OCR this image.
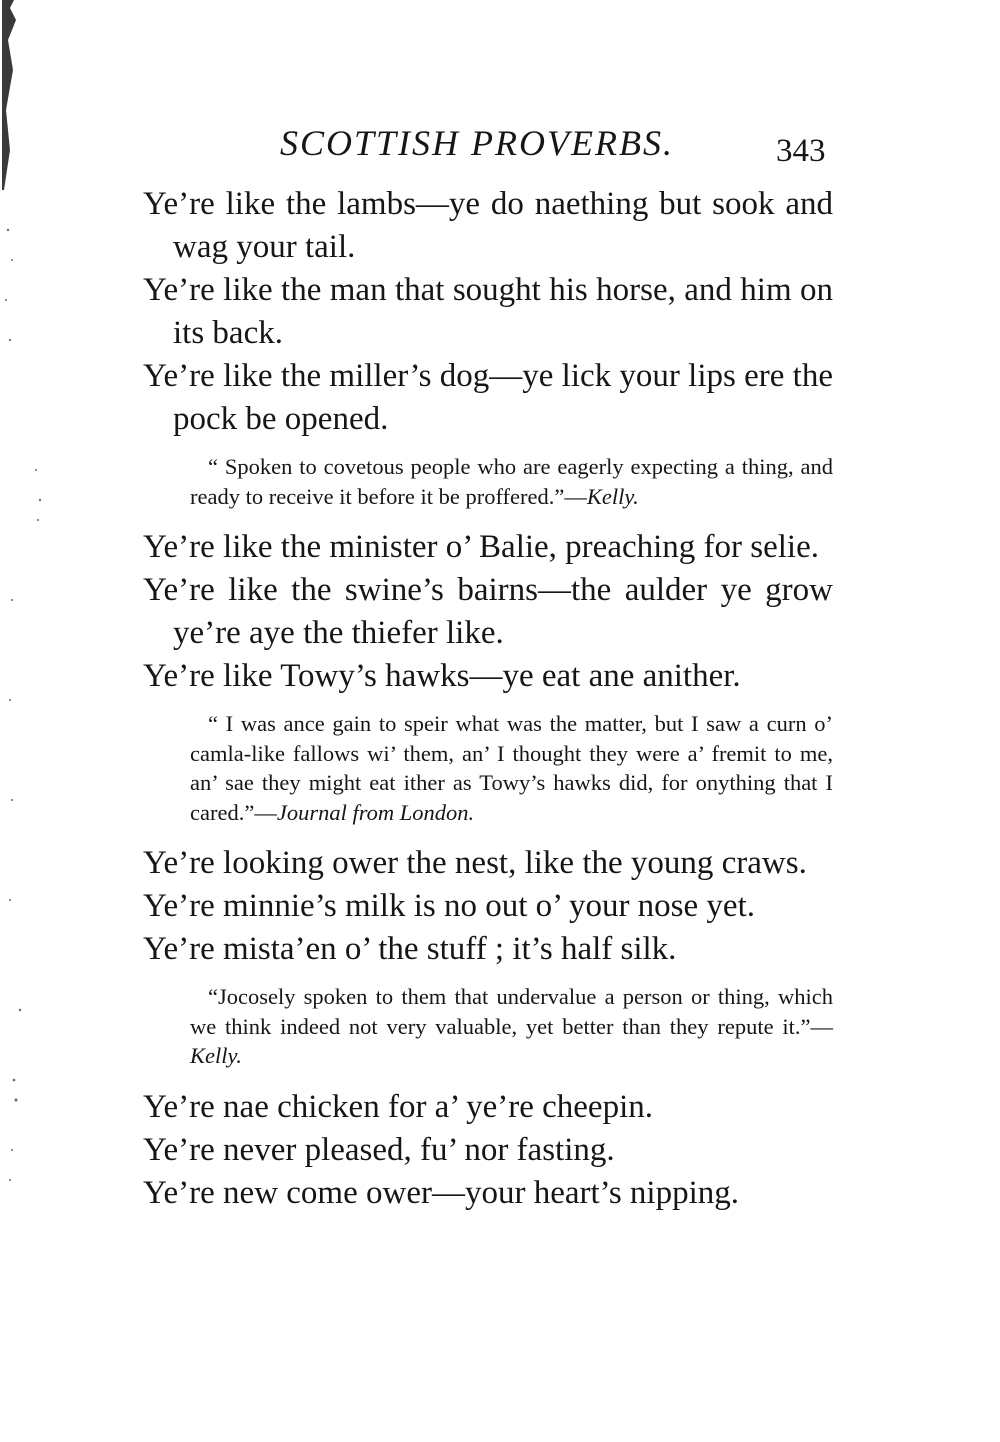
SCOTTISH PROVERBS.	343

Ye’re like the lambs—ye do naething but sook and wag your tail.

Ye’re like the man that sought his horse, and him on its back.

Ye’re like the miller’s dog—ye lick your lips ere the pock be opened.

“ Spoken to covetous people who are eagerly expecting a thing, and ready to receive it before it be proffered.”—Kelly.

Ye’re like the minister o’ Balie, preaching for selie.

Ye’re like the swine’s bairns—the aulder ye grow ye’re aye the thiefer like.

Ye’re like Towy’s hawks—ye eat ane anither.

“ I was ance gain to speir what was the matter, but I saw a curn o’ camla-like fallows wi’ them, an’ I thought they were a’ fremit to me, an’ sae they might eat ither as Towy’s hawks did, for onything that I cared.”—Journal from London.

Ye’re looking ower the nest, like the young craws.

Ye’re minnie’s milk is no out o’ your nose yet.

Ye’re mista’en o’ the stuff ; it’s half silk.

“Jocosely spoken to them that undervalue a person or thing, which we think indeed not very valuable, yet better than they repute it.”—Kelly.

Ye’re nae chicken for a’ ye’re cheepin.

Ye’re never pleased, fu’ nor fasting.

Ye’re new come ower—your heart’s nipping.
